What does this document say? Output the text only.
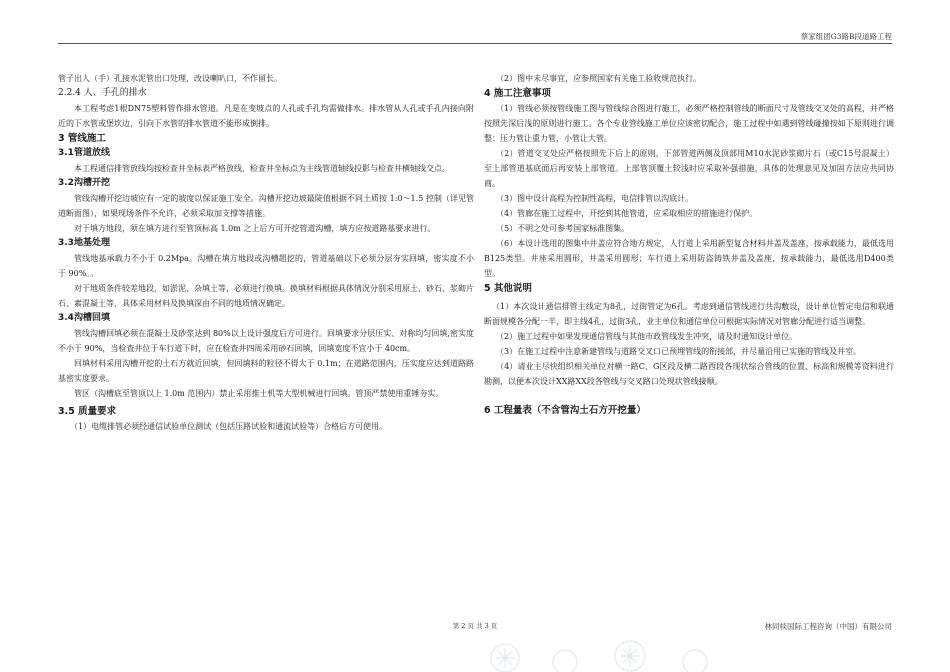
蔡家组团G3路B段道路工程

管子出人（手）孔接水泥管出口处理，改设喇叭口，不作留长。

2.2.4 人、手孔的排水

本工程考虑1根DN75塑料管作排水管道。凡是在变坡点的人孔或手孔均需做排水。排水管从人孔或手孔内接向附近的下水管或堡坎边，引向下水管的排水管道不能形成倒排。

3 管线施工
3.1管道放线

本工程通信排管放线均按检查井坐标表严格放线，检查井坐标点为主线管道轴线投影与检查井横轴线交点。

3.2沟槽开挖

管线沟槽开挖边坡应有一定的坡度以保证施工安全。沟槽开挖边坡最陡值根据不同土质按 1:0～1.5 控制（详见管道断面图），如果现场条件不允许，必须采取加支撑等措施。

对于填方地段，须在填方进行至管顶标高 1.0m 之上后方可开挖管道沟槽，填方应按道路基要求进行。

3.3地基处理

管线地基承载力不小于 0.2Mpa。沟槽在填方地段或沟槽超挖的，管道基础以下必须分层夯实回填，密实度不小于 90%。。

对于地质条件较差地段，如淤泥、杂填土等，必须进行换填。换填材料根据具体情况分别采用原土、砂石、浆砌片石、素混凝土等，具体采用材料及换填深由不同的地质情况确定。

3.4沟槽回填

管线沟槽回填必须在混凝土及砂浆达到 80%以上设计强度后方可进行。回填要求分层压实、对称均匀回填,密实度不小于 90%，当检查井位于车行道下时，应在检查井四周采用砂石回填，回填宽度不宜小于 40cm。

回填材料采用沟槽开挖的土石方就近回填，但回填料的粒径不得大于 0.1m；在道路范围内，压实度应达到道路路基密实度要求。

管区（沟槽底至管顶以上 1.0m 范围内）禁止采用推土机等大型机械进行回填。管顶严禁使用重锤夯实。

3.5 质量要求

（1）电缆排管必须经通信试验单位测试（包括压路试验和通流试验等）合格后方可使用。

（2）图中未尽事宜，应参照国家有关施工验收规范执行。

4 施工注意事项

（1）管线必须按管线施工图与管线综合图进行施工，必须严格控制管线的断面尺寸及管线交叉处的高程，并严格按照先深后浅的原则进行施工。各个专业管线施工单位应该密切配合，施工过程中如遇到管线碰撞按如下原则进行调整：压力管让重力管，小管让大管。

（2）管道交叉处应严格按照先下后上的原则，下部管道两侧及顶部用M10水泥砂浆砌片石（或C15号混凝土）至上部管道基底面后再安装上部管道。上部管顶覆土较浅时应采取补强措施，具体的处理意见及加固方法应共同协商。

（3）图中设计高程为控制性高程，电信排管以沟底计。

（4）管廊在施工过程中，开挖到其他管道，应采取相应的措施进行保护。

（5）不明之处可参考国家标准图集。

（6）本设计选用的图集中井盖应符合地方规定，人行道上采用新型复合材料井盖及盖座，按承载能力，最低选用B125类型。井座采用圆形，井盖采用圆形；车行道上采用防盗铸铁井盖及盖座，按承载能力，最低选用D400类型。

5 其他说明

（1）本次设计通信排管主线定为8孔，过街管定为6孔。考虑到通信管线进行共沟敷设，设计单位暂定电信和联通断面规模各分配一半，即主线4孔，过街3孔，业主单位和通信单位可根据实际情况对管廊分配进行适当调整。

（2）施工过程中如果发现通信管线与其他市政管线发生冲突，请及时通知设计单位。

（3）在施工过程中注意新建管线与道路交叉口已预埋管线的衔接部，并尽量沿用已实施的管线及井室。

（4）请业主尽快组织相关单位对横一路C、G区段及横二路西段各现状综合管线的位置、标高和规模等资料进行勘测，以便本次设计XX路XX段各管线与交叉路口处现状管线接顺。

6 工程量表（不含管沟土石方开挖量）
第 2 页 共 3 页	林同棪国际工程咨询（中国）有限公司
